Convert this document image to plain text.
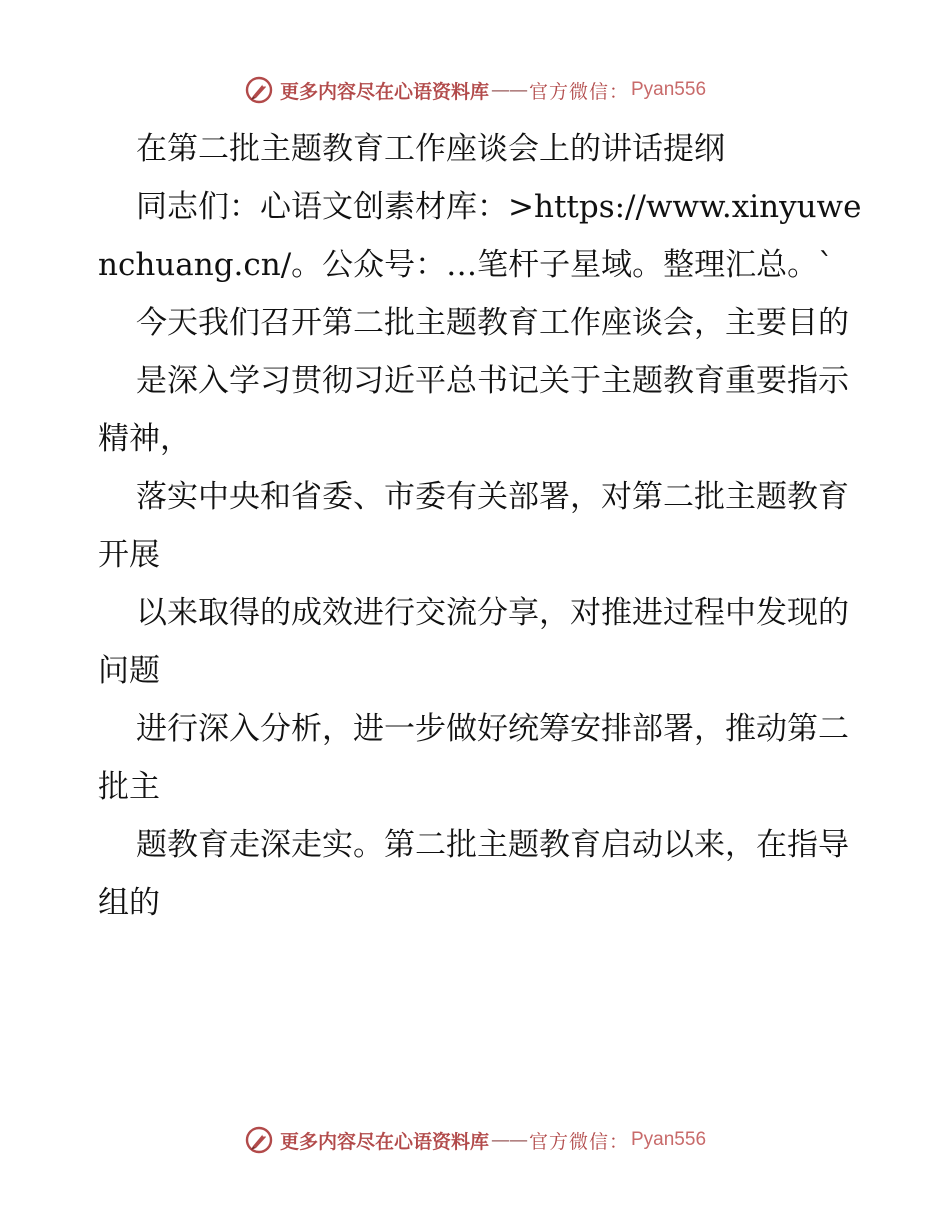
更多内容尽在心语资料库 —— 官方微信： Pyan556

在第二批主题教育工作座谈会上的讲话提纲

同志们：心语文创素材库：>https://www.xinyuwenchuang.cn/。公众号：…笔杆子星域。整理汇总。`

今天我们召开第二批主题教育工作座谈会，主要目的

是深入学习贯彻习近平总书记关于主题教育重要指示精神，

落实中央和省委、市委有关部署，对第二批主题教育开展

以来取得的成效进行交流分享，对推进过程中发现的问题

进行深入分析，进一步做好统筹安排部署，推动第二批主

题教育走深走实。第二批主题教育启动以来，在指导组的

更多内容尽在心语资料库 —— 官方微信： Pyan556
